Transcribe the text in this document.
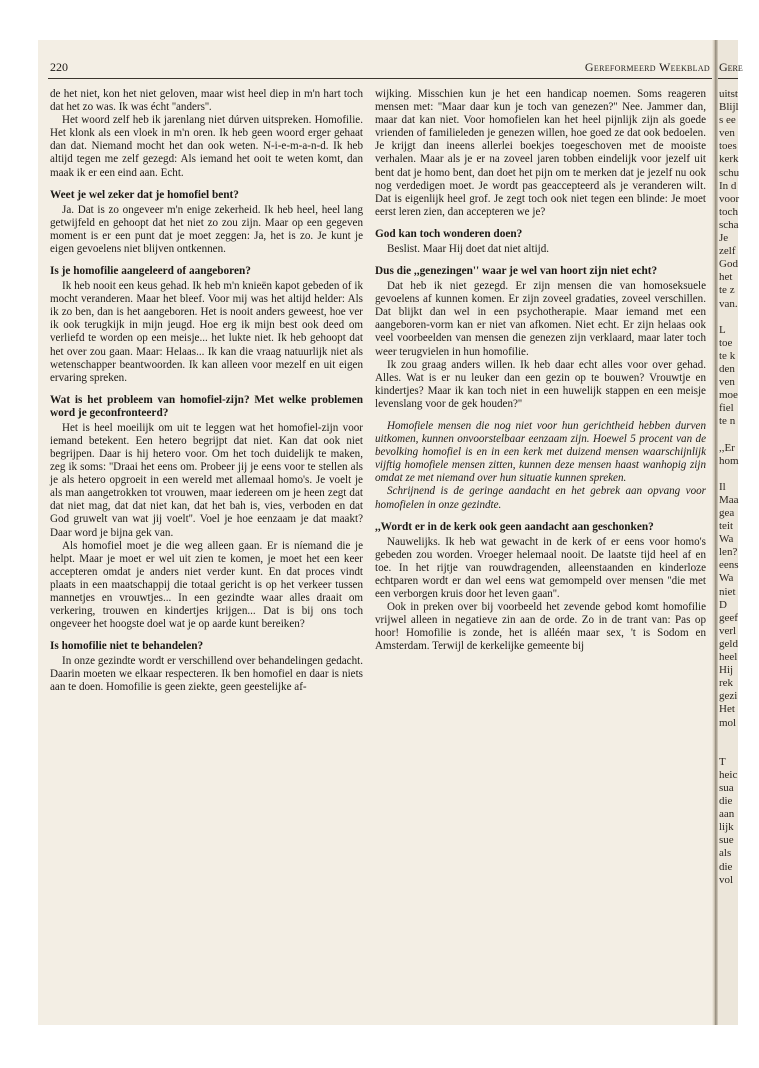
220	Gereformeerd Weekblad

de het niet, kon het niet geloven, maar wist heel diep in m'n hart toch dat het zo was. Ik was écht ''anders''.

Het woord zelf heb ik jarenlang niet dúrven uitspreken. Homofilie. Het klonk als een vloek in m'n oren. Ik heb geen woord erger gehaat dan dat. Niemand mocht het dan ook weten. N-i-e-m-a-n-d. Ik heb altijd tegen me zelf gezegd: Als iemand het ooit te weten komt, dan maak ik er een eind aan. Echt.

Weet je wel zeker dat je homofiel bent?

Ja. Dat is zo ongeveer m'n enige zekerheid. Ik heb heel, heel lang getwijfeld en gehoopt dat het niet zo zou zijn. Maar op een gegeven moment is er een punt dat je moet zeggen: Ja, het is zo. Je kunt je eigen gevoelens niet blijven ontkennen.

Is je homofilie aangeleerd of aangeboren?

Ik heb nooit een keus gehad. Ik heb m'n knieën kapot gebeden of ik mocht veranderen. Maar het bleef. Voor mij was het altijd helder: Als ik zo ben, dan is het aangeboren. Het is nooit anders geweest, hoe ver ik ook terugkijk in mijn jeugd. Hoe erg ik mijn best ook deed om verliefd te worden op een meisje... het lukte niet. Ik heb gehoopt dat het over zou gaan. Maar: Helaas... Ik kan die vraag natuurlijk niet als wetenschapper beantwoorden. Ik kan alleen voor mezelf en uit eigen ervaring spreken.

Wat is het probleem van homofiel-zijn? Met welke problemen word je geconfronteerd?

Het is heel moeilijk om uit te leggen wat het homofiel-zijn voor iemand betekent. Een hetero begrijpt dat niet. Kan dat ook niet begrijpen. Daar is hij hetero voor. Om het toch duidelijk te maken, zeg ik soms: ''Draai het eens om. Probeer jij je eens voor te stellen als je als hetero opgroeit in een wereld met allemaal homo's. Je voelt je als man aangetrokken tot vrouwen, maar iedereen om je heen zegt dat dat niet mag, dat dat niet kan, dat het bah is, vies, verboden en dat God gruwelt van wat jij voelt''. Voel je hoe eenzaam je dat maakt? Daar word je bijna gek van.

Als homofiel moet je die weg alleen gaan. Er is níemand die je helpt. Maar je moet er wel uit zien te komen, je moet het een keer accepteren omdat je anders niet verder kunt. En dat proces vindt plaats in een maatschappij die totaal gericht is op het verkeer tussen mannetjes en vrouwtjes... In een gezindte waar alles draait om verkering, trouwen en kindertjes krijgen... Dat is bij ons toch ongeveer het hoogste doel wat je op aarde kunt bereiken?

Is homofilie niet te behandelen?

In onze gezindte wordt er verschillend over behandelingen gedacht. Daarin moeten we elkaar respecteren. Ik ben homofiel en daar is niets aan te doen. Homofilie is geen ziekte, geen geestelijke af-

wijking. Misschien kun je het een handicap noemen. Soms reageren mensen met: ''Maar daar kun je toch van genezen?'' Nee. Jammer dan, maar dat kan niet. Voor homofielen kan het heel pijnlijk zijn als goede vrienden of familieleden je genezen willen, hoe goed ze dat ook bedoelen. Je krijgt dan ineens allerlei boekjes toegeschoven met de mooiste verhalen. Maar als je er na zoveel jaren tobben eindelijk voor jezelf uit bent dat je homo bent, dan doet het pijn om te merken dat je jezelf nu ook nog verdedigen moet. Je wordt pas geaccepteerd als je veranderen wilt. Dat is eigenlijk heel grof. Je zegt toch ook niet tegen een blinde: Je moet eerst leren zien, dan accepteren we je?

God kan toch wonderen doen?

Beslist. Maar Hij doet dat niet altijd.

Dus die ,,genezingen'' waar je wel van hoort zijn niet echt?

Dat heb ik niet gezegd. Er zijn mensen die van homoseksuele gevoelens af kunnen komen. Er zijn zoveel gradaties, zoveel verschillen. Dat blijkt dan wel in een psychotherapie. Maar iemand met een aangeboren-vorm kan er niet van afkomen. Niet echt. Er zijn helaas ook veel voorbeelden van mensen die genezen zijn verklaard, maar later toch weer terugvielen in hun homofilie.

Ik zou graag anders willen. Ik heb daar echt alles voor over gehad. Alles. Wat is er nu leuker dan een gezin op te bouwen? Vrouwtje en kindertjes? Maar ik kan toch niet in een huwelijk stappen en een meisje levenslang voor de gek houden?''

Homofiele mensen die nog niet voor hun gerichtheid hebben durven uitkomen, kunnen onvoorstelbaar eenzaam zijn. Hoewel 5 procent van de bevolking homofiel is en in een kerk met duizend mensen waarschijnlijk vijftig homofiele mensen zitten, kunnen deze mensen haast wanhopig zijn omdat ze met niemand over hun situatie kunnen spreken.

Schrijnend is de geringe aandacht en het gebrek aan opvang voor homofielen in onze gezindte.

,,Wordt er in de kerk ook geen aandacht aan geschonken?

Nauwelijks. Ik heb wat gewacht in de kerk of er eens voor homo's gebeden zou worden. Vroeger helemaal nooit. De laatste tijd heel af en toe. In het rijtje van rouwdragenden, alleenstaanden en kinderloze echtparen wordt er dan wel eens wat gemompeld over mensen ''die met een verborgen kruis door het leven gaan''.

Ook in preken over bij voorbeeld het zevende gebod komt homofilie vrijwel alleen in negatieve zin aan de orde. Zo in de trant van: Pas op hoor! Homofilie is zonde, het is alléén maar sex, 't is Sodom en Amsterdam. Terwijl de kerkelijke gemeente bij

Gere
uitst
Blijl
s ee
ven
toes
kerk
schu
In d
voor
toch
scha
Je
zelf
God
het
te z
van.

L
toe
te k
den
ven
moe
fiel
te n

,,Er
hom

Il
Maa
gea
teit
Wa
len?
eens
Wa
niet
D
geef
verl
geld
heel
Hij
rek
gezi
Het
mol

T
heic
sua
die
aan
lijk
sue
als
die
vol
